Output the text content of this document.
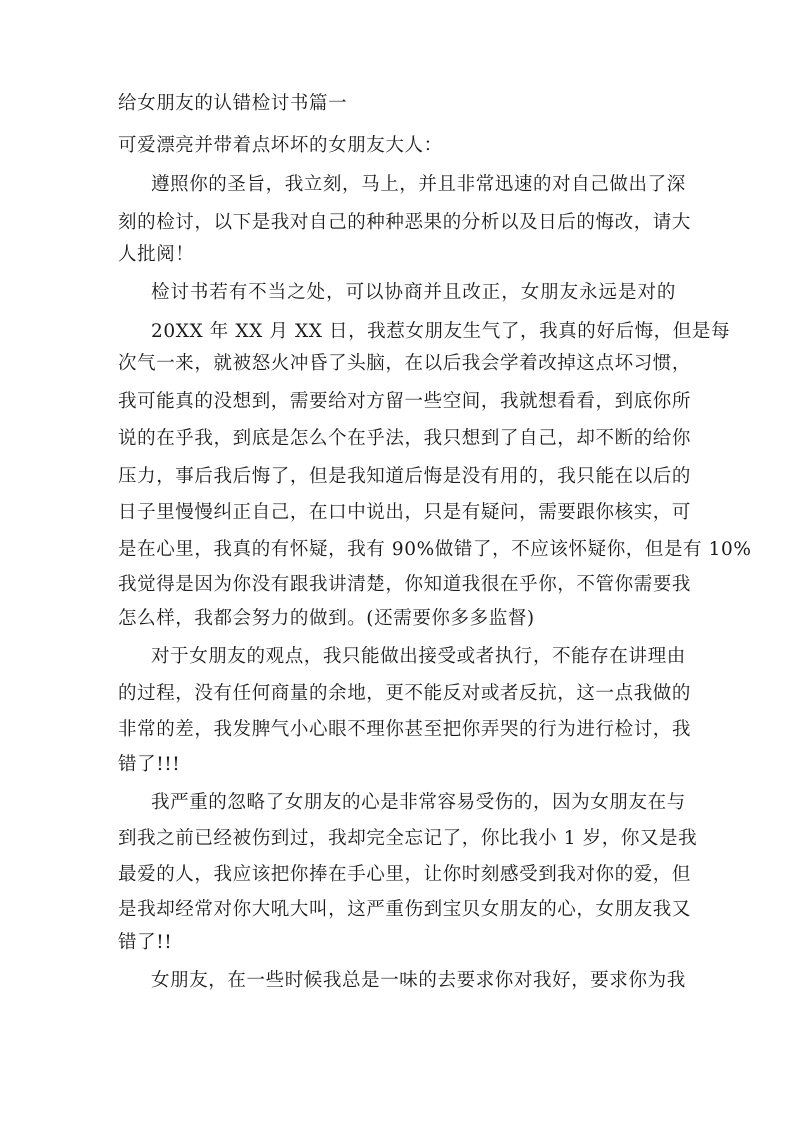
给女朋友的认错检讨书篇一
可爱漂亮并带着点坏坏的女朋友大人：
遵照你的圣旨，我立刻，马上，并且非常迅速的对自己做出了深
刻的检讨，以下是我对自己的种种恶果的分析以及日后的悔改，请大
人批阅！
检讨书若有不当之处，可以协商并且改正，女朋友永远是对的
20XX 年 XX 月 XX 日，我惹女朋友生气了，我真的好后悔，但是每
次气一来，就被怒火冲昏了头脑，在以后我会学着改掉这点坏习惯，
我可能真的没想到，需要给对方留一些空间，我就想看看，到底你所
说的在乎我，到底是怎么个在乎法，我只想到了自己，却不断的给你
压力，事后我后悔了，但是我知道后悔是没有用的，我只能在以后的
日子里慢慢纠正自己，在口中说出，只是有疑问，需要跟你核实，可
是在心里，我真的有怀疑，我有 90%做错了，不应该怀疑你，但是有 10%
我觉得是因为你没有跟我讲清楚，你知道我很在乎你，不管你需要我
怎么样，我都会努力的做到。(还需要你多多监督)
对于女朋友的观点，我只能做出接受或者执行，不能存在讲理由
的过程，没有任何商量的余地，更不能反对或者反抗，这一点我做的
非常的差，我发脾气小心眼不理你甚至把你弄哭的行为进行检讨，我
错了!!!
我严重的忽略了女朋友的心是非常容易受伤的，因为女朋友在与
到我之前已经被伤到过，我却完全忘记了，你比我小 1 岁，你又是我
最爱的人，我应该把你捧在手心里，让你时刻感受到我对你的爱，但
是我却经常对你大吼大叫，这严重伤到宝贝女朋友的心，女朋友我又
错了!!
女朋友，在一些时候我总是一味的去要求你对我好，要求你为我
